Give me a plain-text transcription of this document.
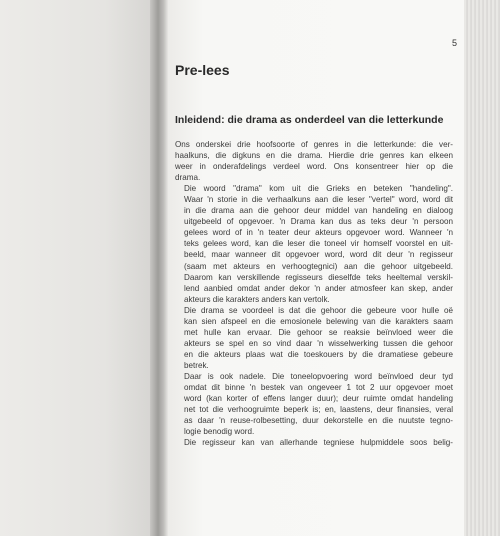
5
Pre-lees
Inleidend: die drama as onderdeel van die letterkunde

Ons onderskei drie hoofsoorte of genres in die letterkunde: die ver-
haalkuns, die digkuns en die drama. Hierdie drie genres kan elkeen
weer in onderafdelings verdeel word. Ons konsentreer hier op die
drama.

Die woord "drama" kom uit die Grieks en beteken "handeling".
Waar 'n storie in die verhaalkuns aan die leser "vertel" word, word dit
in die drama aan die gehoor deur middel van handeling en dialoog
uitgebeeld of opgevoer. 'n Drama kan dus as teks deur 'n persoon
gelees word of in 'n teater deur akteurs opgevoer word. Wanneer 'n
teks gelees word, kan die leser die toneel vir homself voorstel en uit-
beeld, maar wanneer dit opgevoer word, word dit deur 'n regisseur
(saam met akteurs en verhoogtegnici) aan die gehoor uitgebeeld.
Daarom kan verskillende regisseurs dieselfde teks heeltemal verskil-
lend aanbied omdat ander dekor 'n ander atmosfeer kan skep, ander
akteurs die karakters anders kan vertolk.

Die drama se voordeel is dat die gehoor die gebeure voor hulle oë
kan sien afspeel en die emosionele belewing van die karakters saam
met hulle kan ervaar. Die gehoor se reaksie beïnvloed weer die
akteurs se spel en so vind daar 'n wisselwerking tussen die gehoor
en die akteurs plaas wat die toeskouers by die dramatiese gebeure
betrek.

Daar is ook nadele. Die toneelopvoering word beïnvloed deur tyd
omdat dit binne 'n bestek van ongeveer 1 tot 2 uur opgevoer moet
word (kan korter of effens langer duur); deur ruimte omdat handeling
net tot die verhoogruimte beperk is; en, laastens, deur finansies, veral
as daar 'n reuse-rolbesetting, duur dekorstelle en die nuutste tegno-
logie benodig word.

Die regisseur kan van allerhande tegniese hulpmiddele soos belig-
